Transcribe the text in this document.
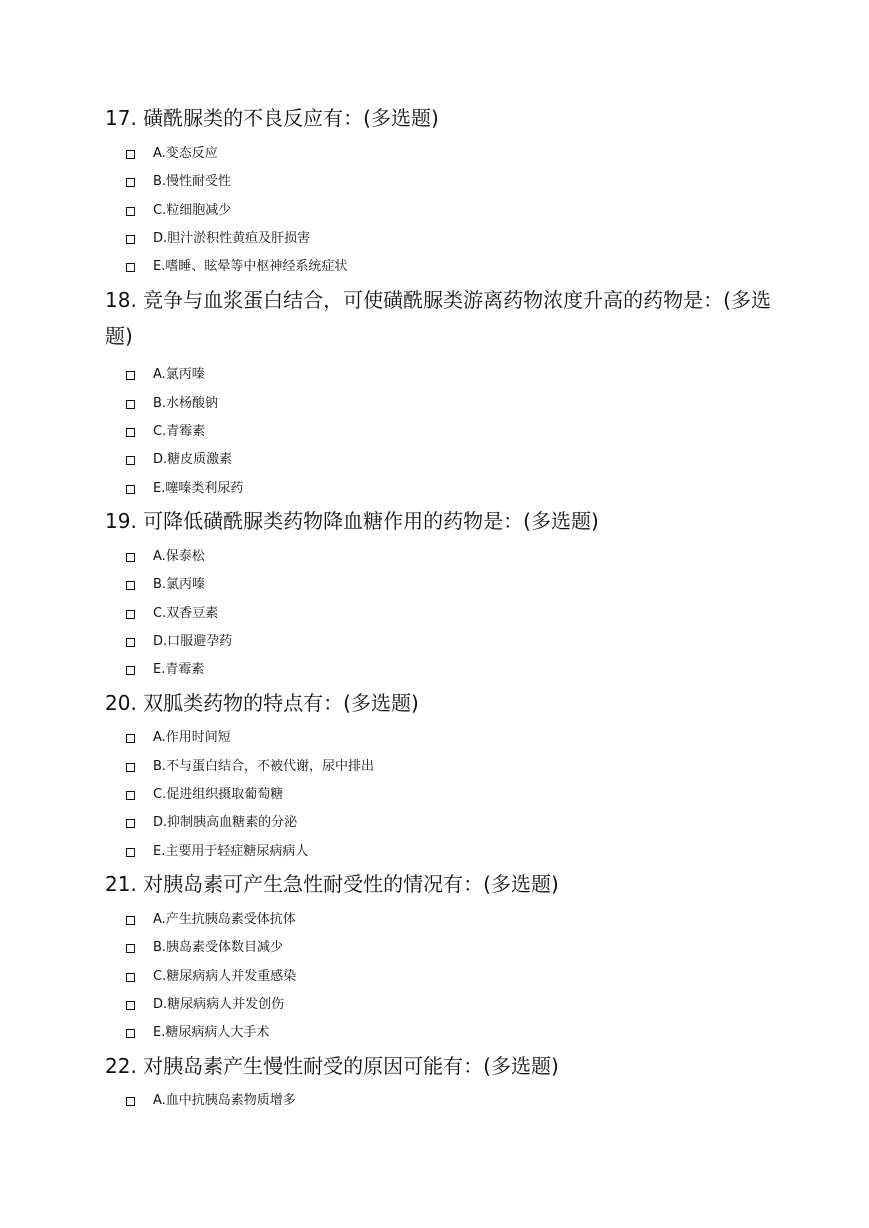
17. 磺酰脲类的不良反应有：(多选题)
A.变态反应
B.慢性耐受性
C.粒细胞减少
D.胆汁淤积性黄疸及肝损害
E.嗜睡、眩晕等中枢神经系统症状
18. 竞争与血浆蛋白结合，可使磺酰脲类游离药物浓度升高的药物是：(多选题)
A.氯丙嗪
B.水杨酸钠
C.青霉素
D.糖皮质激素
E.噻嗪类利尿药
19. 可降低磺酰脲类药物降血糖作用的药物是：(多选题)
A.保泰松
B.氯丙嗪
C.双香豆素
D.口服避孕药
E.青霉素
20. 双胍类药物的特点有：(多选题)
A.作用时间短
B.不与蛋白结合，不被代谢，尿中排出
C.促进组织摄取葡萄糖
D.抑制胰高血糖素的分泌
E.主要用于轻症糖尿病病人
21. 对胰岛素可产生急性耐受性的情况有：(多选题)
A.产生抗胰岛素受体抗体
B.胰岛素受体数目减少
C.糖尿病病人并发重感染
D.糖尿病病人并发创伤
E.糖尿病病人大手术
22. 对胰岛素产生慢性耐受的原因可能有：(多选题)
A.血中抗胰岛素物质增多
